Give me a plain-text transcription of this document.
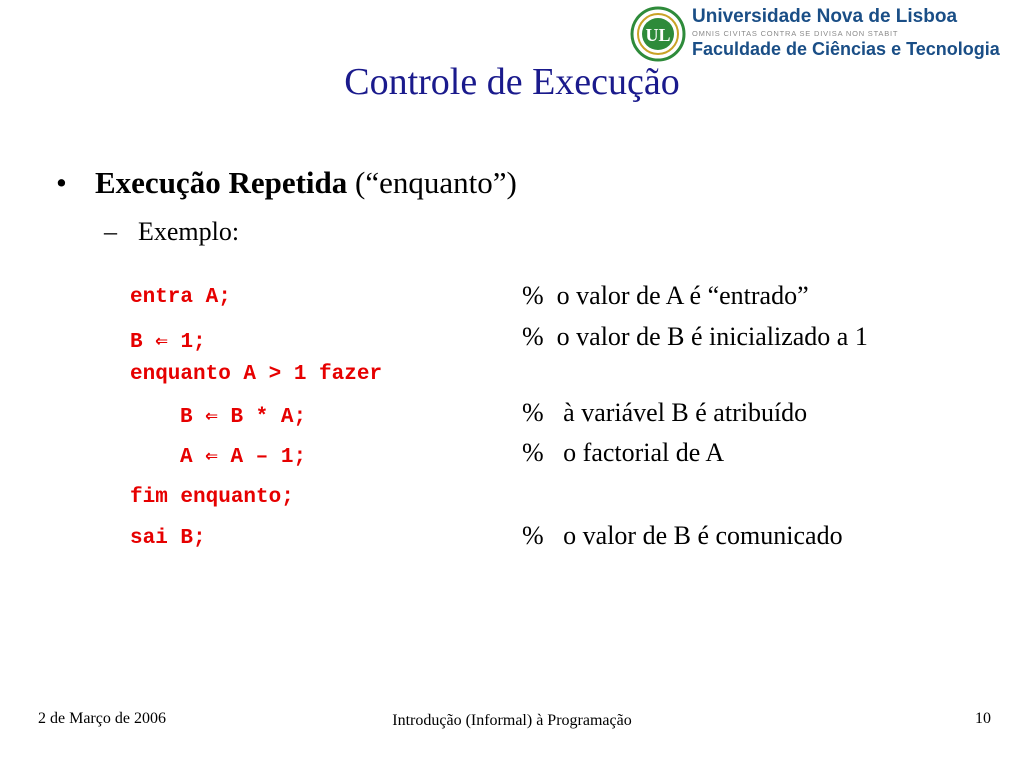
UL
Universidade Nova de Lisboa
OMNIS CIVITAS CONTRA SE DIVISA NON STABIT
Faculdade de Ciências e Tecnologia
Controle de Execução
• Execução Repetida (“enquanto”)
– Exemplo:
entra A;	%  o valor de A é “entrado”
B ⇐ 1;	%  o valor de B é inicializado a 1
enquanto A > 1 fazer
B ⇐ B * A;	%   à variável B é atribuído
A ⇐ A – 1;	%   o factorial de A
fim enquanto;
sai B;	%   o valor de B é comunicado
2 de Março de 2006	Introdução (Informal) à Programação	10
